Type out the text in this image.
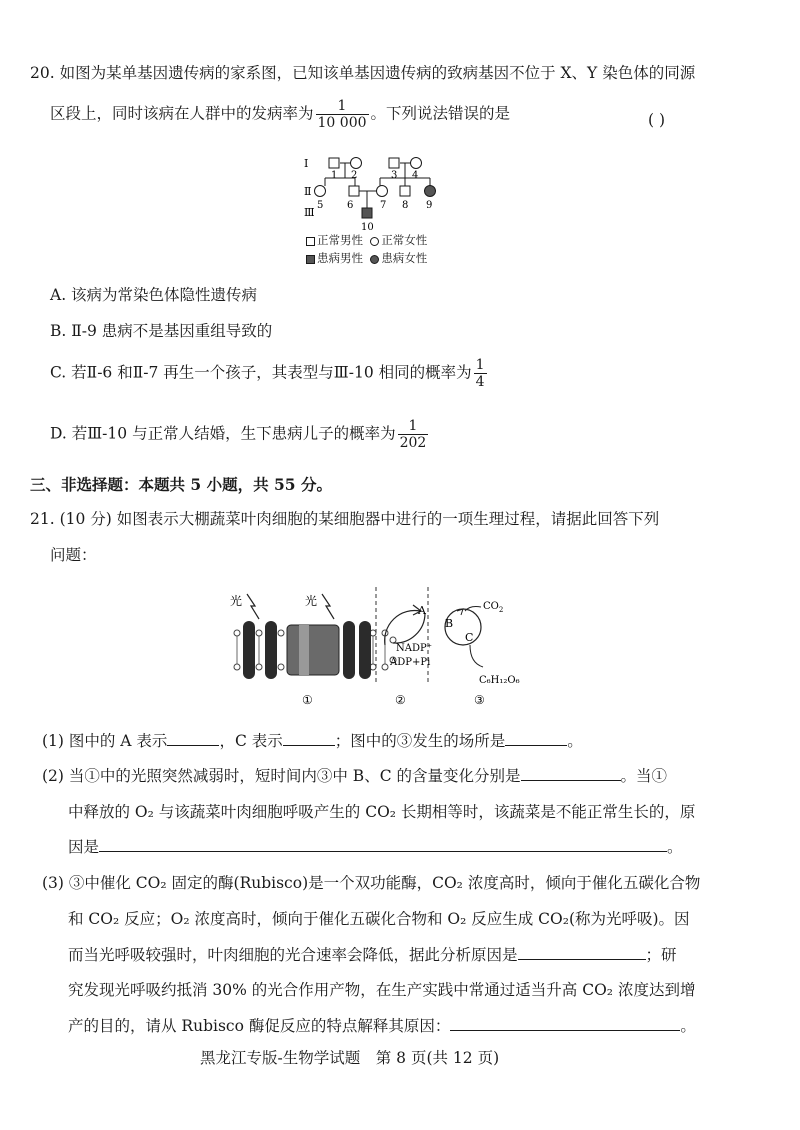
20. 如图为某单基因遗传病的家系图，已知该单基因遗传病的致病基因不位于 X、Y 染色体的同源
区段上，同时该病在人群中的发病率为 $\frac{1}{10 000}$ 。下列说法错误的是	( )
Ⅰ
Ⅱ
Ⅲ
1 2	3 4
5 6	7 8 9
10
正常男性 正常女性
患病男性 患病女性
A. 该病为常染色体隐性遗传病
B. Ⅱ-9 患病不是基因重组导致的
C. 若Ⅱ-6 和Ⅱ-7 再生一个孩子，其表型与Ⅲ-10 相同的概率为 $\frac{1}{4}$
D. 若Ⅲ-10 与正常人结婚，生下患病儿子的概率为 $\frac{1}{202}$
三、非选择题：本题共 5 小题，共 55 分。
21. (10 分) 如图表示大棚蔬菜叶肉细胞的某细胞器中进行的一项生理过程，请据此回答下列
问题：
光	光
A
NADP⁺
ADP+Pi
B
C
$CO_2$
C₆H₁₂O₆
①	②	③
(1) 图中的 A 表示	，C 表示	；图中的③发生的场所是	。
(2) 当①中的光照突然减弱时，短时间内③中 B、C 的含量变化分别是	。当①
中释放的 O₂ 与该蔬菜叶肉细胞呼吸产生的 CO₂ 长期相等时，该蔬菜是不能正常生长的，原
因是	。
(3) ③中催化 CO₂ 固定的酶(Rubisco)是一个双功能酶，CO₂ 浓度高时，倾向于催化五碳化合物
和 CO₂ 反应；O₂ 浓度高时，倾向于催化五碳化合物和 O₂ 反应生成 CO₂(称为光呼吸)。因
而当光呼吸较强时，叶肉细胞的光合速率会降低，据此分析原因是	；研
究发现光呼吸约抵消 30% 的光合作用产物，在生产实践中常通过适当升高 CO₂ 浓度达到增
产的目的，请从 Rubisco 酶促反应的特点解释其原因：	。
黑龙江专版-生物学试题　第 8 页(共 12 页)
